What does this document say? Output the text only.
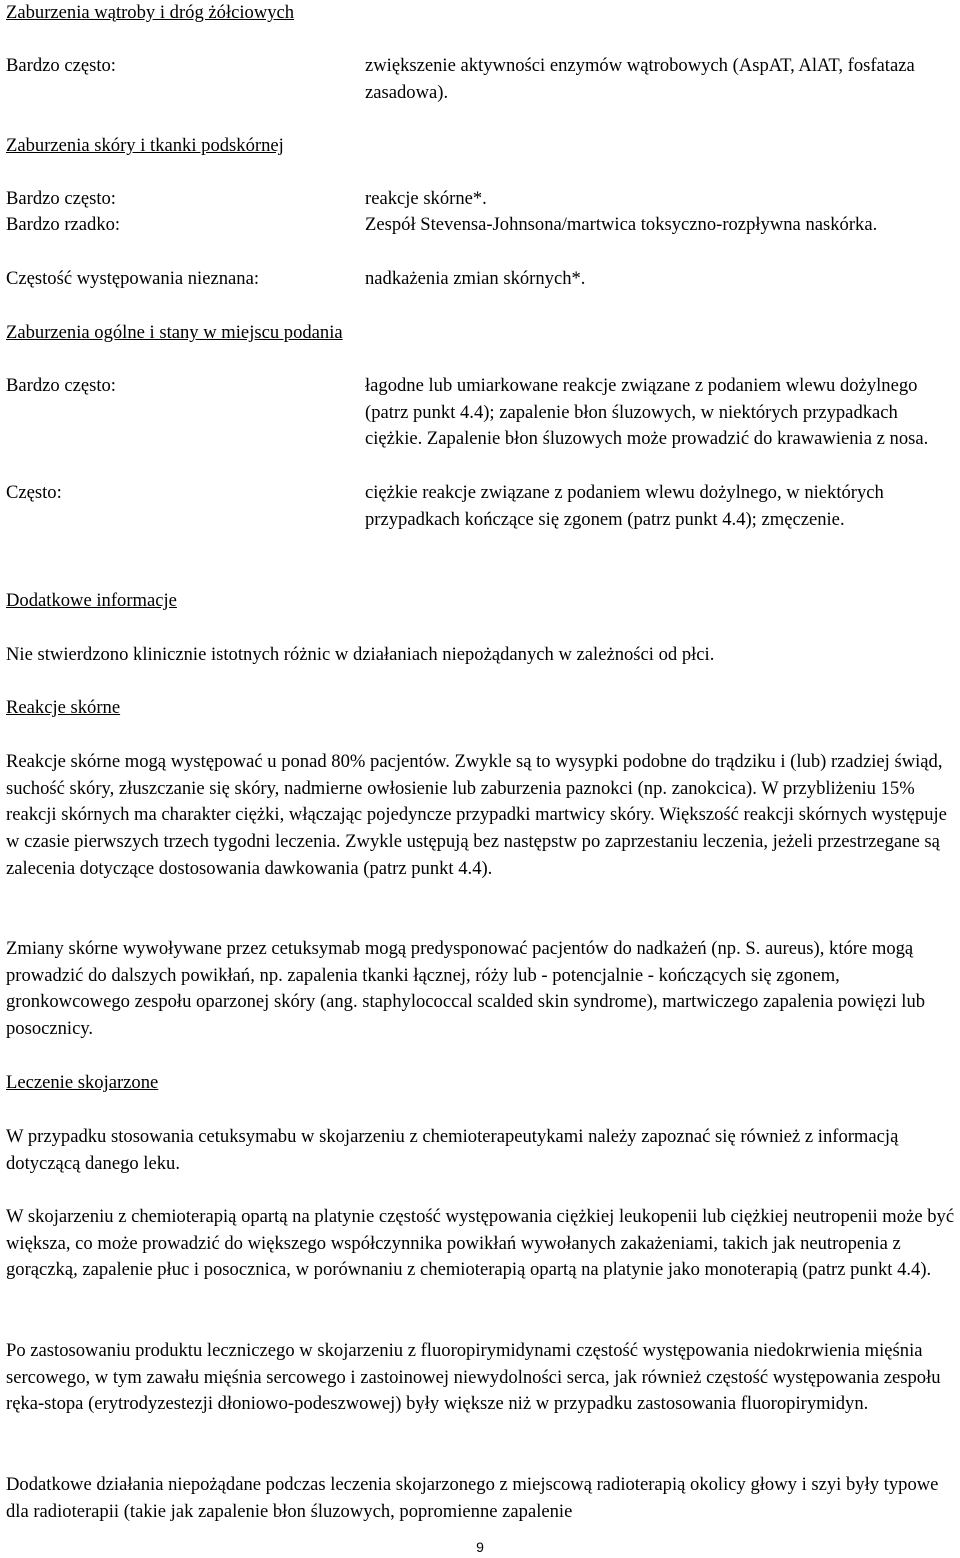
Zaburzenia wątroby i dróg żółciowych
Bardzo często:	zwiększenie aktywności enzymów wątrobowych (AspAT, AlAT, fosfataza zasadowa).
Zaburzenia skóry i tkanki podskórnej
Bardzo często:	reakcje skórne*.
Bardzo rzadko:	Zespół Stevensa-Johnsona/martwica toksyczno-rozpływna naskórka.
Częstość występowania nieznana:	nadkażenia zmian skórnych*.
Zaburzenia ogólne i stany w miejscu podania
Bardzo często:	łagodne lub umiarkowane reakcje związane z podaniem wlewu dożylnego (patrz punkt 4.4); zapalenie błon śluzowych, w niektórych przypadkach ciężkie. Zapalenie błon śluzowych może prowadzić do krawawienia z nosa.
Często:	ciężkie reakcje związane z podaniem wlewu dożylnego, w niektórych przypadkach kończące się zgonem (patrz punkt 4.4); zmęczenie.
Dodatkowe informacje

Nie stwierdzono klinicznie istotnych różnic w działaniach niepożądanych w zależności od płci.

Reakcje skórne

Reakcje skórne mogą występować u ponad 80% pacjentów. Zwykle są to wysypki podobne do trądziku i (lub) rzadziej świąd, suchość skóry, złuszczanie się skóry, nadmierne owłosienie lub zaburzenia paznokci (np. zanokcica). W przybliżeniu 15% reakcji skórnych ma charakter ciężki, włączając pojedyncze przypadki martwicy skóry. Większość reakcji skórnych występuje w czasie pierwszych trzech tygodni leczenia. Zwykle ustępują bez następstw po zaprzestaniu leczenia, jeżeli przestrzegane są zalecenia dotyczące dostosowania dawkowania (patrz punkt 4.4).

Zmiany skórne wywoływane przez cetuksymab mogą predysponować pacjentów do nadkażeń (np. S. aureus), które mogą prowadzić do dalszych powikłań, np. zapalenia tkanki łącznej, róży lub - potencjalnie - kończących się zgonem, gronkowcowego zespołu oparzonej skóry (ang. staphylococcal scalded skin syndrome), martwiczego zapalenia powięzi lub posocznicy.

Leczenie skojarzone

W przypadku stosowania cetuksymabu w skojarzeniu z chemioterapeutykami należy zapoznać się również z informacją dotyczącą danego leku.

W skojarzeniu z chemioterapią opartą na platynie częstość występowania ciężkiej leukopenii lub ciężkiej neutropenii może być większa, co może prowadzić do większego współczynnika powikłań wywołanych zakażeniami, takich jak neutropenia z gorączką, zapalenie płuc i posocznica, w porównaniu z chemioterapią opartą na platynie jako monoterapią (patrz punkt 4.4).

Po zastosowaniu produktu leczniczego w skojarzeniu z fluoropirymidynami częstość występowania niedokrwienia mięśnia sercowego, w tym zawału mięśnia sercowego i zastoinowej niewydolności serca, jak również częstość występowania zespołu ręka-stopa (erytrodyzestezji dłoniowo-podeszwowej) były większe niż w przypadku zastosowania fluoropirymidyn.

Dodatkowe działania niepożądane podczas leczenia skojarzonego z miejscową radioterapią okolicy głowy i szyi były typowe dla radioterapii (takie jak zapalenie błon śluzowych, popromienne zapalenie

9
